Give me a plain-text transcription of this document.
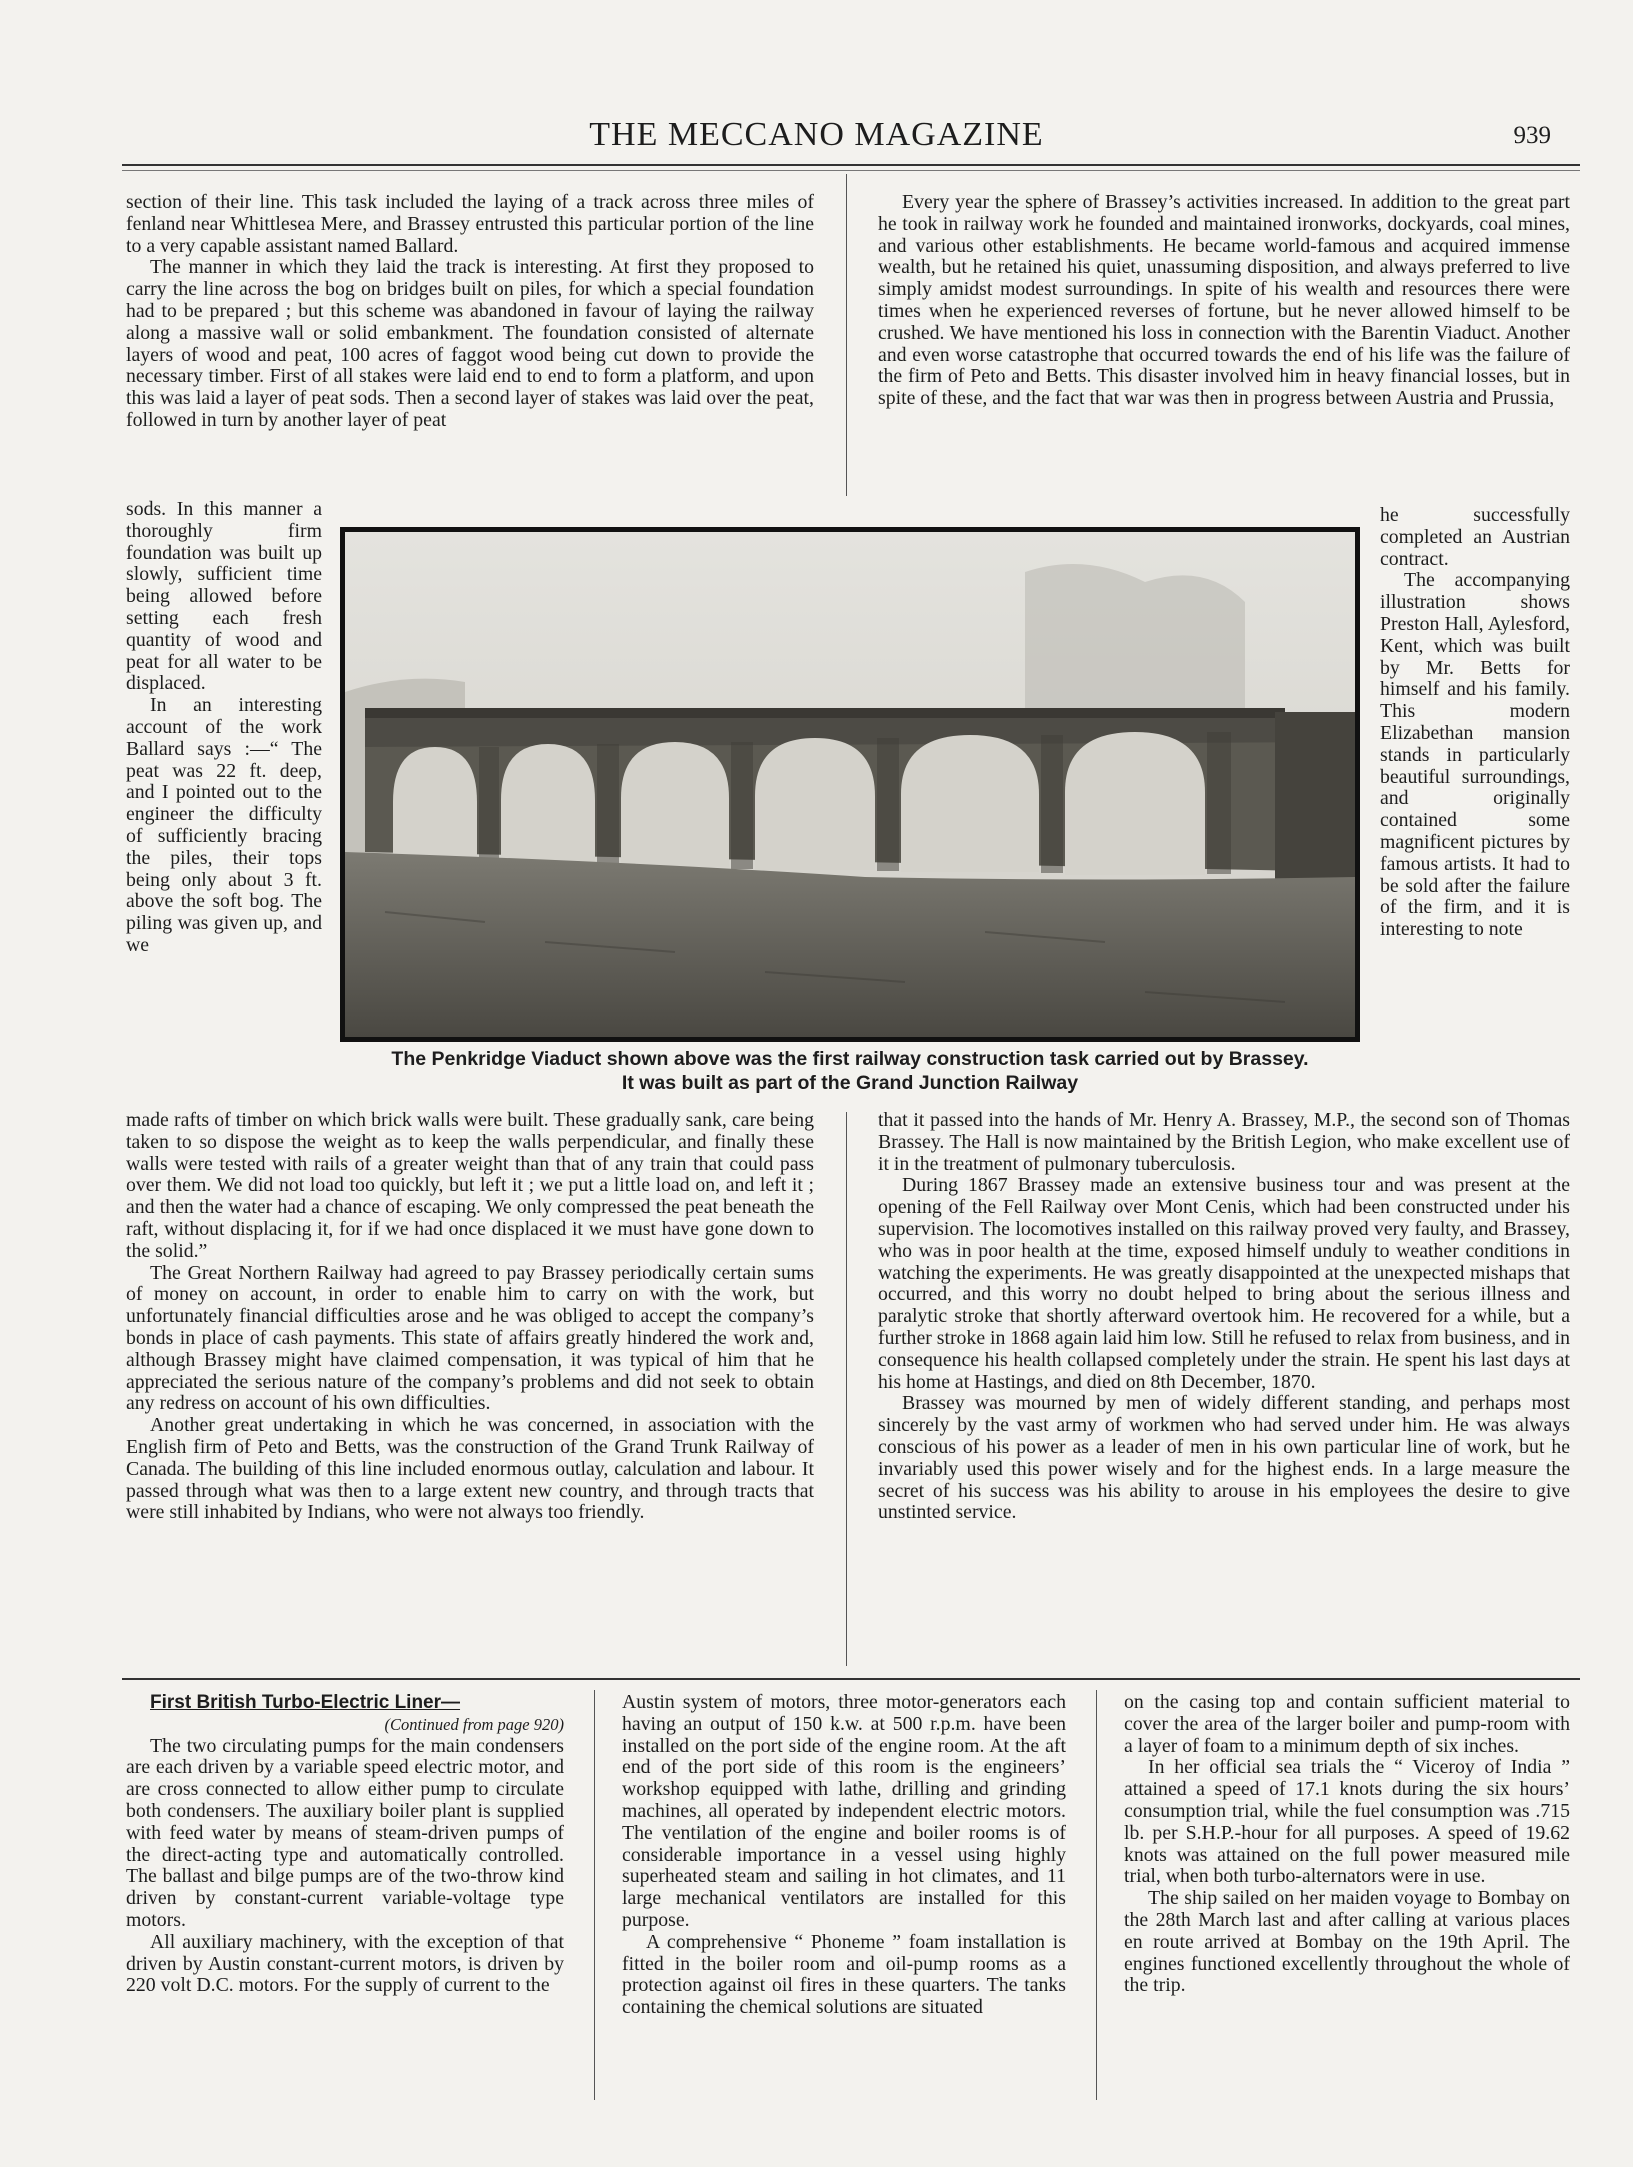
THE MECCANO MAGAZINE	939

section of their line. This task included the laying of a track across three miles of fenland near Whittlesea Mere, and Brassey entrusted this particular portion of the line to a very capable assistant named Ballard.

The manner in which they laid the track is interesting. At first they proposed to carry the line across the bog on bridges built on piles, for which a special foundation had to be prepared ; but this scheme was abandoned in favour of laying the railway along a massive wall or solid embankment. The foundation consisted of alternate layers of wood and peat, 100 acres of faggot wood being cut down to provide the necessary timber. First of all stakes were laid end to end to form a platform, and upon this was laid a layer of peat sods. Then a second layer of stakes was laid over the peat, followed in turn by another layer of peat

Every year the sphere of Brassey’s activities increased. In addition to the great part he took in railway work he founded and maintained ironworks, dockyards, coal mines, and various other establishments. He became world-famous and acquired immense wealth, but he retained his quiet, unassuming disposition, and always preferred to live simply amidst modest surroundings. In spite of his wealth and resources there were times when he experienced reverses of fortune, but he never allowed himself to be crushed. We have mentioned his loss in connection with the Barentin Viaduct. Another and even worse catastrophe that occurred towards the end of his life was the failure of the firm of Peto and Betts. This disaster involved him in heavy financial losses, but in spite of these, and the fact that war was then in progress between Austria and Prussia,

sods. In this manner a thoroughly firm foundation was built up slowly, sufficient time being allowed before setting each fresh quantity of wood and peat for all water to be displaced.

In an interesting account of the work Ballard says :—“ The peat was 22 ft. deep, and I pointed out to the engineer the difficulty of sufficiently bracing the piles, their tops being only about 3 ft. above the soft bog. The piling was given up, and we

he successfully completed an Austrian contract.

The accompanying illustration shows Preston Hall, Aylesford, Kent, which was built by Mr. Betts for himself and his family. This modern Elizabethan mansion stands in particularly beautiful surroundings, and originally contained some magnificent pictures by famous artists. It had to be sold after the failure of the firm, and it is interesting to note

The Penkridge Viaduct shown above was the first railway construction task carried out by Brassey.
It was built as part of the Grand Junction Railway

made rafts of timber on which brick walls were built. These gradually sank, care being taken to so dispose the weight as to keep the walls perpendicular, and finally these walls were tested with rails of a greater weight than that of any train that could pass over them. We did not load too quickly, but left it ; we put a little load on, and left it ; and then the water had a chance of escaping. We only compressed the peat beneath the raft, without displacing it, for if we had once displaced it we must have gone down to the solid.”

The Great Northern Railway had agreed to pay Brassey periodically certain sums of money on account, in order to enable him to carry on with the work, but unfortunately financial difficulties arose and he was obliged to accept the company’s bonds in place of cash payments. This state of affairs greatly hindered the work and, although Brassey might have claimed compensation, it was typical of him that he appreciated the serious nature of the company’s problems and did not seek to obtain any redress on account of his own difficulties.

Another great undertaking in which he was concerned, in association with the English firm of Peto and Betts, was the construction of the Grand Trunk Railway of Canada. The building of this line included enormous outlay, calculation and labour. It passed through what was then to a large extent new country, and through tracts that were still inhabited by Indians, who were not always too friendly.

that it passed into the hands of Mr. Henry A. Brassey, M.P., the second son of Thomas Brassey. The Hall is now maintained by the British Legion, who make excellent use of it in the treatment of pulmonary tuberculosis.

During 1867 Brassey made an extensive business tour and was present at the opening of the Fell Railway over Mont Cenis, which had been constructed under his supervision. The locomotives installed on this railway proved very faulty, and Brassey, who was in poor health at the time, exposed himself unduly to weather conditions in watching the experiments. He was greatly disappointed at the unexpected mishaps that occurred, and this worry no doubt helped to bring about the serious illness and paralytic stroke that shortly afterward overtook him. He recovered for a while, but a further stroke in 1868 again laid him low. Still he refused to relax from business, and in consequence his health collapsed completely under the strain. He spent his last days at his home at Hastings, and died on 8th December, 1870.

Brassey was mourned by men of widely different standing, and perhaps most sincerely by the vast army of workmen who had served under him. He was always conscious of his power as a leader of men in his own particular line of work, but he invariably used this power wisely and for the highest ends. In a large measure the secret of his success was his ability to arouse in his employees the desire to give unstinted service.

First British Turbo-Electric Liner—

(Continued from page 920)

The two circulating pumps for the main condensers are each driven by a variable speed electric motor, and are cross connected to allow either pump to circulate both condensers. The auxiliary boiler plant is supplied with feed water by means of steam-driven pumps of the direct-acting type and automatically controlled. The ballast and bilge pumps are of the two-throw kind driven by constant-current variable-voltage type motors.

All auxiliary machinery, with the exception of that driven by Austin constant-current motors, is driven by 220 volt D.C. motors. For the supply of current to the

Austin system of motors, three motor-generators each having an output of 150 k.w. at 500 r.p.m. have been installed on the port side of the engine room. At the aft end of the port side of this room is the engineers’ workshop equipped with lathe, drilling and grinding machines, all operated by independent electric motors. The ventilation of the engine and boiler rooms is of considerable importance in a vessel using highly superheated steam and sailing in hot climates, and 11 large mechanical ventilators are installed for this purpose.

A comprehensive “ Phoneme ” foam installation is fitted in the boiler room and oil-pump rooms as a protection against oil fires in these quarters. The tanks containing the chemical solutions are situated

on the casing top and contain sufficient material to cover the area of the larger boiler and pump-room with a layer of foam to a minimum depth of six inches.

In her official sea trials the “ Viceroy of India ” attained a speed of 17.1 knots during the six hours’ consumption trial, while the fuel consumption was .715 lb. per S.H.P.-hour for all purposes. A speed of 19.62 knots was attained on the full power measured mile trial, when both turbo-alternators were in use.

The ship sailed on her maiden voyage to Bombay on the 28th March last and after calling at various places en route arrived at Bombay on the 19th April. The engines functioned excellently throughout the whole of the trip.
